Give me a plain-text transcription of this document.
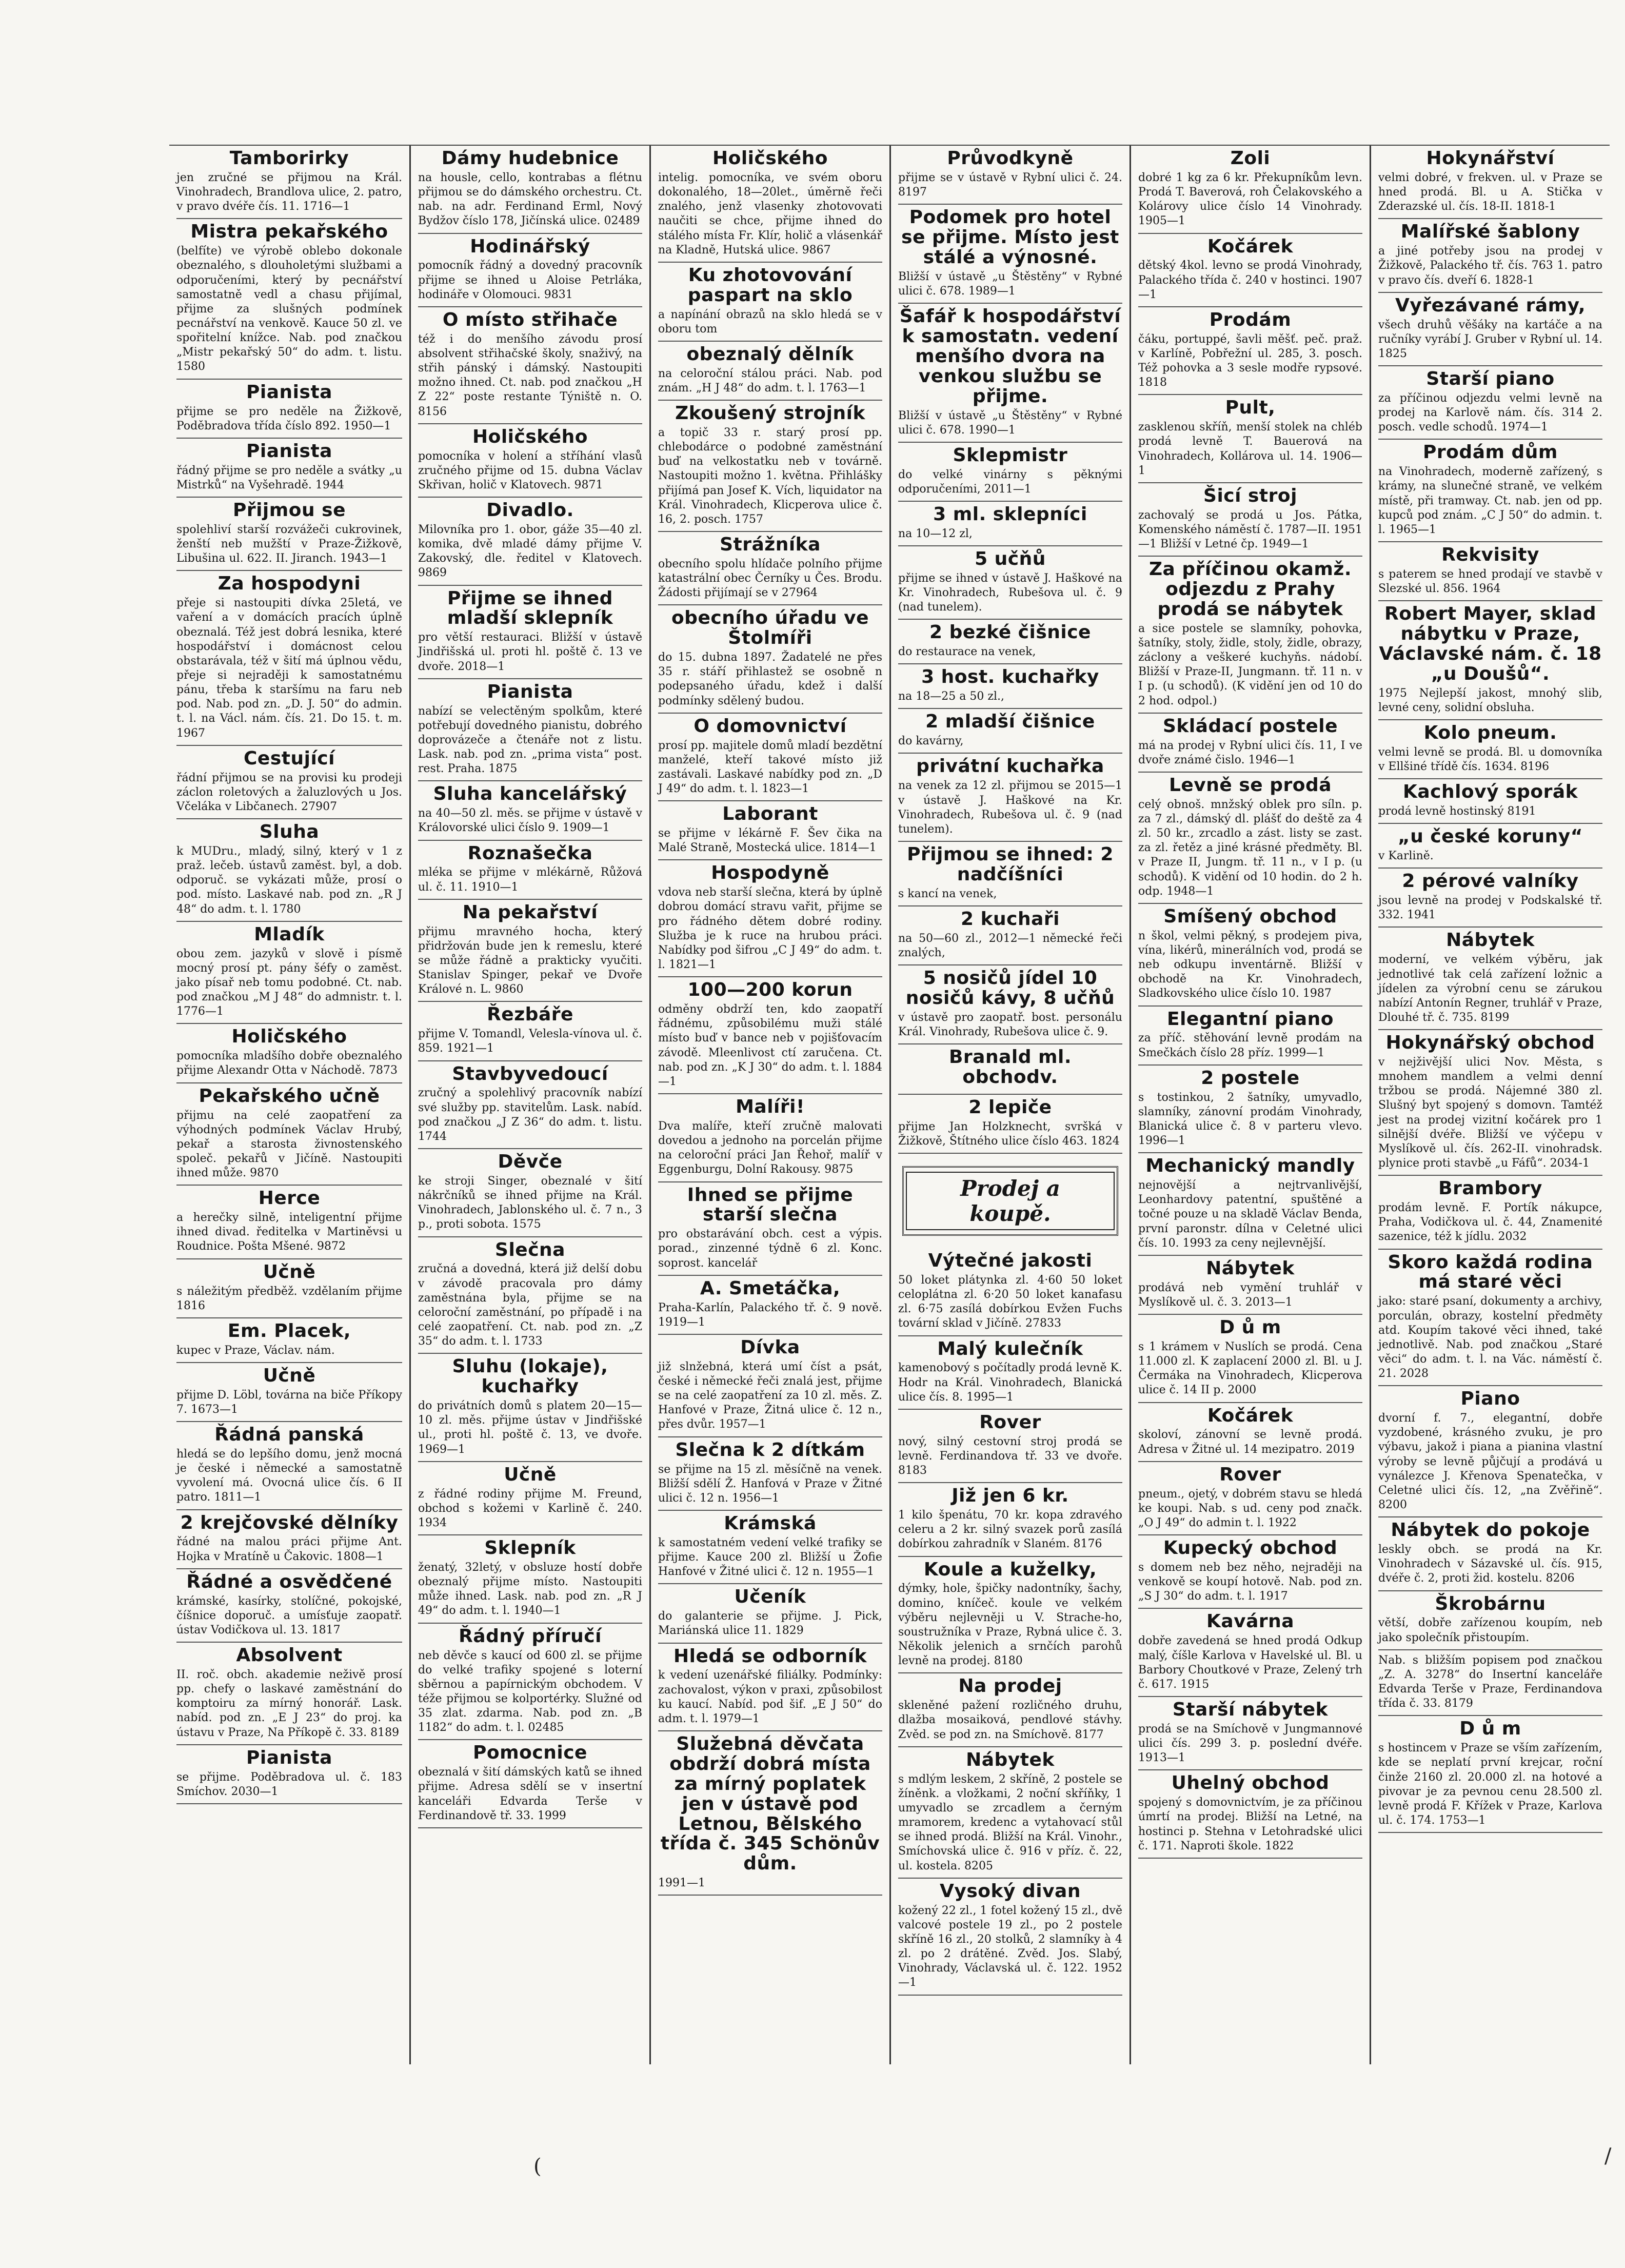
Tamborirky

jen zručné se přijmou na Král. Vinohradech, Brandlova ulice, 2. patro, v pravo dvéře čís. 11. 1716—1

Mistra pekařského

(belfíte) ve výrobě oblebo dokonale obeznalého, s dlouholetými službami a odporučeními, který by pecnářství samostatně vedl a chasu přijímal, přijme za slušných podmínek pecnářství na venkově. Kauce 50 zl. ve spořitelní knížce. Nab. pod značkou „Mistr pekařský 50“ do adm. t. listu. 1580

Pianista

přijme se pro neděle na Žižkově, Poděbradova třída číslo 892. 1950—1

Pianista

řádný přijme se pro neděle a svátky „u Mistrků“ na Vyšehradě. 1944

Přijmou se

spolehliví starší rozvážeči cukrovinek, ženští neb mužští v Praze-Žižkově, Libušina ul. 622. II. Jiranch. 1943—1

Za hospodyni

přeje si nastoupiti dívka 25letá, ve vaření a v domácích pracích úplně obeznalá. Též jest dobrá lesnika, které hospodářství i domácnost celou obstarávala, též v šití má úplnou vědu, přeje si nejraději k samostatnému pánu, třeba k staršímu na faru neb pod. Nab. pod zn. „D. J. 50“ do admin. t. l. na Václ. nám. čís. 21. Do 15. t. m. 1967

Cestující

řádní přijmou se na provisi ku prodeji záclon roletových a žaluzlových u Jos. Včeláka v Libčanech. 27907

Sluha

k MUDru., mladý, silný, který v 1 z praž. lečeb. ústavů zaměst. byl, a dob. odporuč. se vykázati může, prosí o pod. místo. Laskavé nab. pod zn. „R J 48“ do adm. t. l. 1780

Mladík

obou zem. jazyků v slově i písmě mocný prosí pt. pány šéfy o zaměst. jako písař neb tomu podobné. Ct. nab. pod značkou „M J 48“ do admnistr. t. l. 1776—1

Holičského

pomocníka mladšího dobře obeznalého přijme Alexandr Otta v Náchodě. 7873

Pekařského učně

přijmu na celé zaopatření za výhodných podmínek Václav Hrubý, pekař a starosta živnostenského společ. pekařů v Jičíně. Nastoupiti ihned může. 9870

Herce

a herečky silně, inteligentní přijme ihned divad. ředitelka v Martiněvsi u Roudnice. Pošta Mšené. 9872

Učně

s náležitým předběž. vzdělaním přijme 1816

Em. Placek,

kupec v Praze, Václav. nám.

Učně

přijme D. Löbl, továrna na biče Příkopy 7. 1673—1

Řádná panská

hledá se do lepšího domu, jenž mocná je české i německé a samostatně vyvolení má. Ovocná ulice čís. 6 II patro. 1811—1

2 krejčovské dělníky

řádné na malou práci přijme Ant. Hojka v Mratíně u Čakovic. 1808—1

Řádné a osvědčené

krámské, kasírky, stolíčné, pokojské, číšnice doporuč. a umísťuje zaopatř. ústav Vodičkova ul. 13. 1817

Absolvent

II. roč. obch. akademie neživě prosí pp. chefy o laskavé zaměstnání do komptoiru za mírný honorář. Lask. nabíd. pod zn. „E J 23“ do proj. ka ústavu v Praze, Na Příkopě č. 33. 8189

Pianista

se přijme. Poděbradova ul. č. 183 Smíchov. 2030—1

Dámy hudebnice

na housle, cello, kontrabas a flétnu přijmou se do dámského orchestru. Ct. nab. na adr. Ferdinand Erml, Nový Bydžov číslo 178, Jičínská ulice. 02489

Hodinářský

pomocník řádný a dovedný pracovník přijme se ihned u Aloise Petrláka, hodináře v Olomouci. 9831

O místo střihače

též i do menšího závodu prosí absolvent střihačské školy, snaživý, na střih pánský i dámský. Nastoupiti možno ihned. Ct. nab. pod značkou „H Z 22“ poste restante Týniště n. O. 8156

Holičského

pomocníka v holení a stříhání vlasů zručného přijme od 15. dubna Václav Skřivan, holič v Klatovech. 9871

Divadlo.

Milovníka pro 1. obor, gáže 35—40 zl. komika, dvě mladé dámy přijme V. Zakovský, dle. ředitel v Klatovech. 9869

Přijme se ihned mladší sklepník

pro větší restauraci. Bližší v ústavě Jindřišská ul. proti hl. poště č. 13 ve dvoře. 2018—1

Pianista

nabízí se velectěným spolkům, které potřebují dovedného pianistu, dobrého doprovázeče a čtenáře not z listu. Lask. nab. pod zn. „prima vista“ post. rest. Praha. 1875

Sluha kancelářský

na 40—50 zl. měs. se přijme v ústavě v Královorské ulici číslo 9. 1909—1

Roznašečka

mléka se přijme v mlékárně, Růžová ul. č. 11. 1910—1

Na pekařství

přijmu mravného hocha, který přidržován bude jen k remeslu, které se může řádně a prakticky vyučiti. Stanislav Spinger, pekař ve Dvoře Králové n. L. 9860

Řezbáře

přijme V. Tomandl, Velesla-vínova ul. č. 859. 1921—1

Stavbyvedoucí

zručný a spolehlivý pracovník nabízí své služby pp. stavitelům. Lask. nabíd. pod značkou „J Z 36“ do adm. t. listu. 1744

Děvče

ke stroji Singer, obeznalé v šití nákrčníků se ihned přijme na Král. Vinohradech, Jablonského ul. č. 7 n., 3 p., proti sobota. 1575

Slečna

zručná a dovedná, která již delší dobu v závodě pracovala pro dámy zaměstnána byla, přijme se na celoroční zaměstnání, po případě i na celé zaopatření. Ct. nab. pod zn. „Z 35“ do adm. t. l. 1733

Sluhu (lokaje), kuchařky

do privátních domů s platem 20—15—10 zl. měs. přijme ústav v Jindřišské ul., proti hl. poště č. 13, ve dvoře. 1969—1

Učně

z řádné rodiny přijme M. Freund, obchod s kožemi v Karlině č. 240. 1934

Sklepník

ženatý, 32letý, v obsluze hostí dobře obeznalý přijme místo. Nastoupiti může ihned. Lask. nab. pod zn. „R J 49“ do adm. t. l. 1940—1

Řádný příručí

neb děvče s kaucí od 600 zl. se přijme do velké trafiky spojené s loterní sběrnou a papírnickým obchodem. V téže přijmou se kolportérky. Služné od 35 zlat. zdarma. Nab. pod zn. „B 1182“ do adm. t. l. 02485

Pomocnice

obeznalá v šití dámských katů se ihned přijme. Adresa sdělí se v insertní kanceláři Edvarda Terše v Ferdinandově tř. 33. 1999

Holičského

intelig. pomocníka, ve svém oboru dokonalého, 18—20let., úměrně řeči znalého, jenž vlasenky zhotovovati naučiti se chce, přijme ihned do stálého místa Fr. Klír, holič a vlásenkář na Kladně, Hutská ulice. 9867

Ku zhotovování paspart na sklo

a napínání obrazů na sklo hledá se v oboru tom

obeznalý dělník

na celoroční stálou práci. Nab. pod znám. „H J 48“ do adm. t. l. 1763—1

Zkoušený strojník

a topič 33 r. starý prosí pp. chlebodárce o podobné zaměstnání buď na velkostatku neb v továrně. Nastoupiti možno 1. května. Přihlášky přijímá pan Josef K. Vích, liquidator na Král. Vinohradech, Klicperova ulice č. 16, 2. posch. 1757

Strážníka

obecního spolu hlídače polního přijme katastrální obec Černíky u Čes. Brodu. Žádosti přijímají se v 27964

obecního úřadu ve Štolmíři

do 15. dubna 1897. Žadatelé ne přes 35 r. stáří přihlastež se osobně n podepsaného úřadu, kdež i další podmínky sdělený budou.

O domovnictví

prosí pp. majitele domů mladí bezdětní manželé, kteří takové místo již zastávali. Laskavé nabídky pod zn. „D J 49“ do adm. t. l. 1823—1

Laborant

se přijme v lékárně F. Šev čika na Malé Straně, Mostecká ulice. 1814—1

Hospodyně

vdova neb starší slečna, která by úplně dobrou domácí stravu vařit, přijme se pro řádného dětem dobré rodiny. Služba je k ruce na hrubou práci. Nabídky pod šifrou „C J 49“ do adm. t. l. 1821—1

100—200 korun

odměny obdrží ten, kdo zaopatří řádnému, způsobilému muži stálé místo buď v bance neb v pojišťovacím závodě. Mleenlivost ctí zaručena. Ct. nab. pod zn. „K J 30“ do adm. t. l. 1884—1

Malíři!

Dva malíře, kteří zručně malovati dovedou a jednoho na porcelán přijme na celoroční práci Jan Řehoř, malíř v Eggenburgu, Dolní Rakousy. 9875

Ihned se přijme starší slečna

pro obstarávání obch. cest a výpis. porad., zinzenné týdně 6 zl. Konc. soprost. kancelář

A. Smetáčka,

Praha-Karlín, Palackého tř. č. 9 nově. 1919—1

Dívka

již slnžebná, která umí číst a psát, české i německé řeči znalá jest, přijme se na celé zaopatření za 10 zl. měs. Z. Hanfové v Praze, Žitná ulice č. 12 n., přes dvůr. 1957—1

Slečna k 2 dítkám

se přijme na 15 zl. měsíčně na venek. Bližší sdělí Ž. Hanfová v Praze v Žitné ulici č. 12 n. 1956—1

Krámská

k samostatném vedení velké trafiky se přijme. Kauce 200 zl. Bližší u Žofie Hanfové v Žitné ulici č. 12 n. 1955—1

Učeník

do galanterie se přijme. J. Pick, Mariánská ulice 11. 1829

Hledá se odborník

k vedení uzenářské filiálky. Podmínky: zachovalost, výkon v praxi, způsobilost ku kaucí. Nabíd. pod šif. „E J 50“ do adm. t. l. 1979—1

Služebná děvčata obdrží dobrá místa za mírný poplatek jen v ústavě pod Letnou, Bělského třída č. 345 Schönův dům.

1991—1

Průvodkyně

přijme se v ústavě v Rybní ulici č. 24. 8197

Podomek pro hotel se přijme. Místo jest stálé a výnosné.

Bližší v ústavě „u Štěstěny“ v Rybné ulici č. 678. 1989—1

Šafář k hospodářství k samostatn. vedení menšího dvora na venkou službu se přijme.

Bližší v ústavě „u Štěstěny“ v Rybné ulici č. 678. 1990—1

Sklepmistr

do velké vinárny s pěknými odporučeními, 2011—1

3 ml. sklepníci

na 10—12 zl,

5 učňů

přijme se ihned v ústavě J. Haškové na Kr. Vinohradech, Rubešova ul. č. 9 (nad tunelem).

2 bezké čišnice

do restaurace na venek,

3 host. kuchařky

na 18—25 a 50 zl.,

2 mladší čišnice

do kavárny,

privátní kuchařka

na venek za 12 zl. přijmou se 2015—1 v ústavě J. Haškové na Kr. Vinohradech, Rubešova ul. č. 9 (nad tunelem).

Přijmou se ihned: 2 nadčíšníci

s kancí na venek,

2 kuchaři

na 50—60 zl., 2012—1 německé řeči znalých,

5 nosičů jídel 10 nosičů kávy, 8 učňů

v ústavě pro zaopatř. bost. personálu Král. Vinohrady, Rubešova ulice č. 9.

Branald ml. obchodv.
2 lepiče

přijme Jan Holzknecht, svršká v Žižkově, Štítného ulice číslo 463. 1824

Prodej a koupě.
Výtečné jakosti

50 loket plátynka zl. 4·60 50 loket celoplátna zl. 6·20 50 loket kanafasu zl. 6·75 zasílá dobírkou Evžen Fuchs tovární sklad v Jičíně. 27833

Malý kulečník

kamenobový s počítadly prodá levně K. Hodr na Král. Vinohradech, Blanická ulice čís. 8. 1995—1

Rover

nový, silný cestovní stroj prodá se levně. Ferdinandova tř. 33 ve dvoře. 8183

Již jen 6 kr.

1 kilo špenátu, 70 kr. kopa zdravého celeru a 2 kr. silný svazek porů zasílá dobírkou zahradník v Slaném. 8176

Koule a kuželky,

dýmky, hole, špičky nadontníky, šachy, domino, kníčeč. koule ve velkém výběru nejlevněji u V. Strache-ho, soustružníka v Praze, Rybná ulice č. 3. Několik jelenich a srnčích parohů levně na prodej. 8180

Na prodej

skleněné pažení rozličného druhu, dlažba mosaiková, pendlové stávhy. Zvěd. se pod zn. na Smíchově. 8177

Nábytek

s mdlým leskem, 2 skříně, 2 postele se žíněnk. a vložkami, 2 noční skříňky, 1 umyvadlo se zrcadlem a černým mramorem, kredenc a vytahovací stůl se ihned prodá. Bližší na Král. Vinohr., Smíchovská ulice č. 916 v příz. č. 22, ul. kostela. 8205

Vysoký divan

kožený 22 zl., 1 fotel kožený 15 zl., dvě valcové postele 19 zl., po 2 postele skříně 16 zl., 20 stolků, 2 slamníky à 4 zl. po 2 drátěné. Zvěd. Jos. Slabý, Vinohrady, Václavská ul. č. 122. 1952—1

Zoli

dobré 1 kg za 6 kr. Překupníkům levn. Prodá T. Baverová, roh Čelakovského a Kolárovy ulice číslo 14 Vinohrady. 1905—1

Kočárek

dětský 4kol. levno se prodá Vinohrady, Palackého třída č. 240 v hostinci. 1907—1

Prodám

čáku, portuppé, šavli měšť. peč. praž. v Karlíně, Pobřežní ul. 285, 3. posch. Též pohovka a 3 sesle modře rypsové. 1818

Pult,

zasklenou skříň, menší stolek na chléb prodá levně T. Bauerová na Vinohradech, Kollárova ul. 14. 1906—1

Šicí stroj

zachovalý se prodá u Jos. Pátka, Komenského náměstí č. 1787—II. 1951—1 Bližší v Letné čp. 1949—1

Za příčinou okamž. odjezdu z Prahy prodá se nábytek

a sice postele se slamníky, pohovka, šatníky, stoly, židle, stoly, židle, obrazy, záclony a veškeré kuchyňs. nádobí. Bližší v Praze-II, Jungmann. tř. 11 n. v I p. (u schodů). (K vidění jen od 10 do 2 hod. odpol.)

Skládací postele

má na prodej v Rybní ulici čís. 11, I ve dvoře známé čislo. 1946—1

Levně se prodá

celý obnoš. mnžský oblek pro síln. p. za 7 zl., dámský dl. plášť do deště za 4 zl. 50 kr., zrcadlo a zást. listy se zast. za zl. řetěz a jiné krásné předměty. Bl. v Praze II, Jungm. tř. 11 n., v I p. (u schodů). K vidění od 10 hodin. do 2 h. odp. 1948—1

Smíšený obchod

n škol, velmi pěkný, s prodejem piva, vína, likérů, minerálních vod, prodá se neb odkupu inventárně. Bližší v obchodě na Kr. Vinohradech, Sladkovského ulice číslo 10. 1987

Elegantní piano

za příč. stěhování levně prodám na Smečkách číslo 28 příz. 1999—1

2 postele

s tostinkou, 2 šatníky, umyvadlo, slamníky, zánovní prodám Vinohrady, Blanická ulice č. 8 v parteru vlevo. 1996—1

Mechanický mandly

nejnovější a nejtrvanlivější, Leonhardovy patentní, spuštěné a točné pouze u na skladě Václav Benda, první paronstr. dílna v Celetné ulici čís. 10. 1993 za ceny nejlevnější.

Nábytek

prodává neb vymění truhlář v Myslíkově ul. č. 3. 2013—1

D ů m

s 1 krámem v Nuslích se prodá. Cena 11.000 zl. K zaplacení 2000 zl. Bl. u J. Čermáka na Vinohradech, Klicperova ulice č. 14 II p. 2000

Kočárek

skoloví, zánovní se levně prodá. Adresa v Žitné ul. 14 mezipatro. 2019

Rover

pneum., ojetý, v dobrém stavu se hledá ke koupi. Nab. s ud. ceny pod značk. „O J 49“ do admin t. l. 1922

Kupecký obchod

s domem neb bez něho, nejraději na venkově se koupí hotově. Nab. pod zn. „S J 30“ do adm. t. l. 1917

Kavárna

dobře zavedená se hned prodá Odkup malý, číšle Karlova v Havelské ul. Bl. u Barbory Choutkové v Praze, Zelený trh č. 617. 1915

Starší nábytek

prodá se na Smíchově v Jungmannové ulici čís. 299 3. p. poslední dvéře. 1913—1

Uhelný obchod

spojený s domovnictvím, je za příčinou úmrtí na prodej. Bližší na Letné, na hostinci p. Stehna v Letohradské ulici č. 171. Naproti škole. 1822

Hokynářství

velmi dobré, v frekven. ul. v Praze se hned prodá. Bl. u A. Stička v Zderazské ul. čís. 18-II. 1818-1

Malířské šablony

a jiné potřeby jsou na prodej v Žižkově, Palackého tř. čís. 763 1. patro v pravo čís. dveří 6. 1828-1

Vyřezávané rámy,

všech druhů věšáky na kartáče a na ručníky vyrábí J. Gruber v Rybní ul. 14. 1825

Starší piano

za příčinou odjezdu velmi levně na prodej na Karlově nám. čís. 314 2. posch. vedle schodů. 1974—1

Prodám dům

na Vinohradech, moderně zařízený, s krámy, na slunečné straně, ve velkém místě, při tramway. Ct. nab. jen od pp. kupců pod znám. „C J 50“ do admin. t. l. 1965—1

Rekvisity

s paterem se hned prodají ve stavbě v Slezské ul. 856. 1964

Robert Mayer, sklad nábytku v Praze, Václavské nám. č. 18 „u Doušů“.

1975 Nejlepší jakost, mnohý slib, levné ceny, solidní obsluha.

Kolo pneum.

velmi levně se prodá. Bl. u domovníka v Ellšiné třídě čís. 1634. 8196

Kachlový sporák

prodá levně hostinský 8191

„u české koruny“

v Karlině.

2 pérové valníky

jsou levně na prodej v Podskalské tř. 332. 1941

Nábytek

moderní, ve velkém výběru, jak jednotlivé tak celá zařízení ložnic a jídelen za výrobní cenu se zárukou nabízí Antonín Regner, truhlář v Praze, Dlouhé tř. č. 735. 8199

Hokynářský obchod

v nejživější ulici Nov. Města, s mnohem mandlem a velmi denní tržbou se prodá. Nájemné 380 zl. Slušný byt spojený s domovn. Tamtéž jest na prodej vizitní kočárek pro 1 silnější dvéře. Bližší ve výčepu v Myslíkově ul. čís. 262-II. vinohradsk. plynice proti stavbě „u Fáfů“. 2034-1

Brambory

prodám levně. F. Portík nákupce, Praha, Vodičkova ul. č. 44, Znamenité sazenice, též k jídlu. 2032

Skoro každá rodina má staré věci

jako: staré psaní, dokumenty a archivy, porculán, obrazy, kostelní předměty atd. Koupím takové věci ihned, také jednotlivě. Nab. pod značkou „Staré věci“ do adm. t. l. na Vác. náměstí č. 21. 2028

Piano

dvorní f. 7., elegantní, dobře vyzdobené, krásného zvuku, je pro výbavu, jakož i piana a pianina vlastní výroby se levně půjčují a prodává u vynálezce J. Křenova Spenatečka, v Celetné ulici čís. 12, „na Zvěřině“. 8200

Nábytek do pokoje

leskly obch. se prodá na Kr. Vinohradech v Sázavské ul. čís. 915, dvéře č. 2, proti žid. kostelu. 8206

Škrobárnu

větší, dobře zařízenou koupím, neb jako společník přistoupím.

Nab. s bližším popisem pod značkou „Z. A. 3278“ do Insertní kanceláře Edvarda Terše v Praze, Ferdinandova třída č. 33. 8179

D ů m

s hostincem v Praze se vším zařízením, kde se neplatí první krejcar, roční činže 2160 zl. 20.000 zl. na hotové a pivovar je za pevnou cenu 28.500 zl. levně prodá F. Křížek v Praze, Karlova ul. č. 174. 1753—1

(	/
